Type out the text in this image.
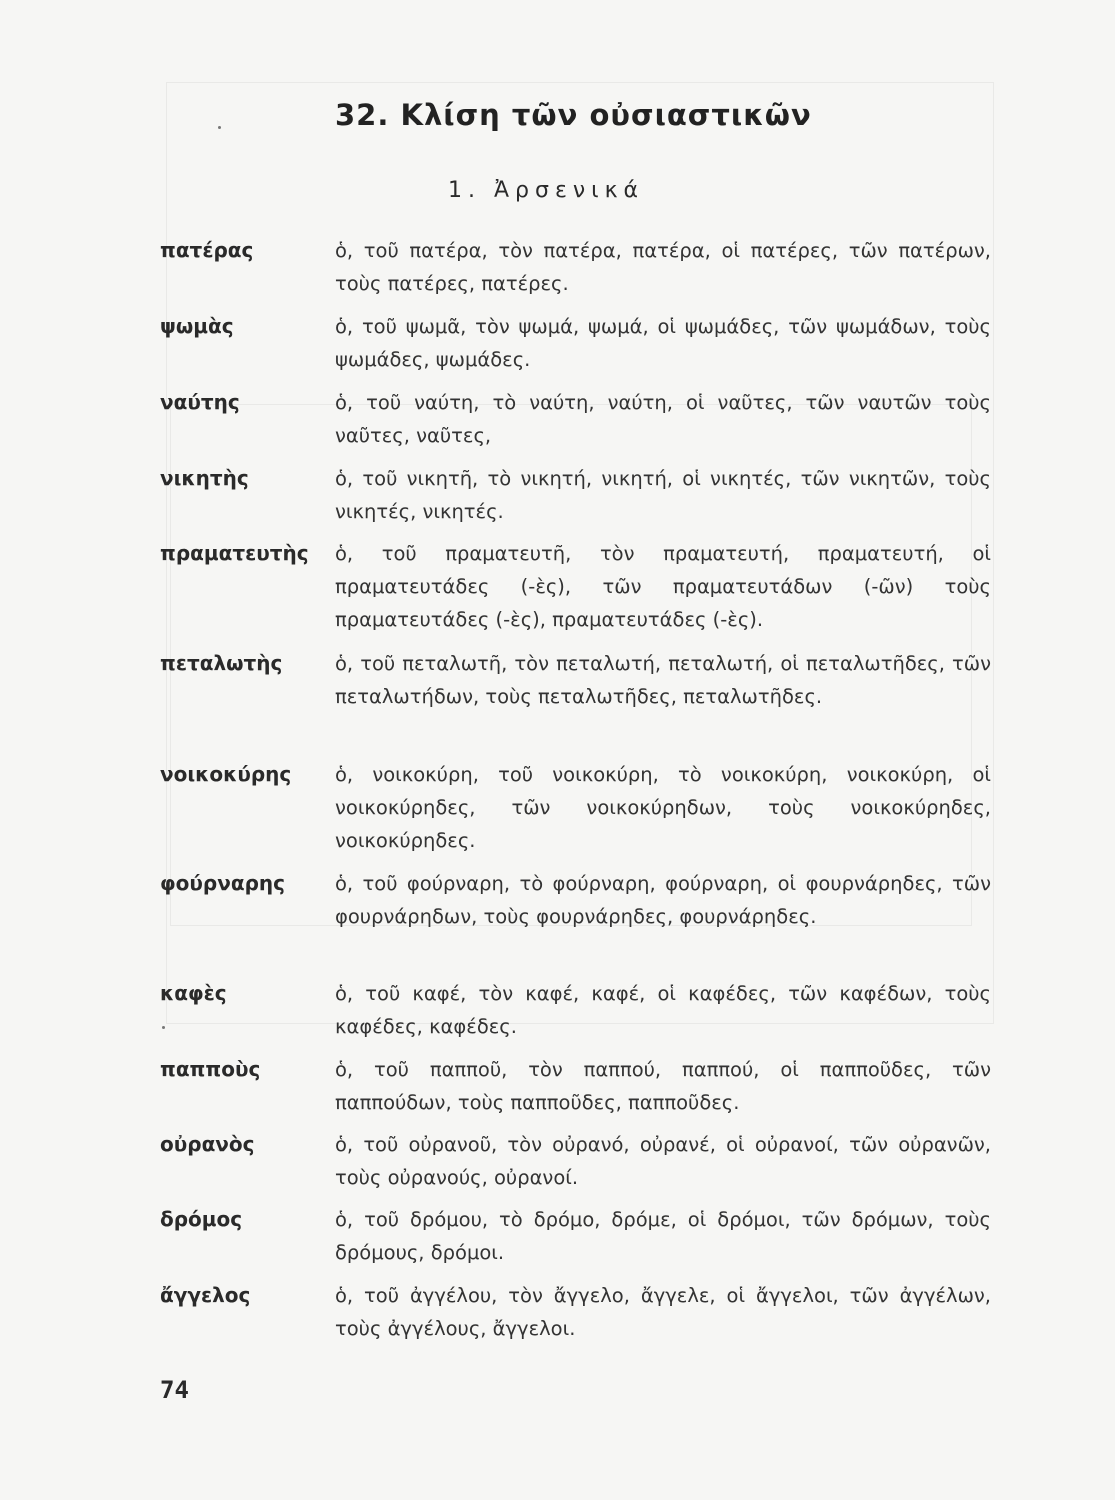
32. Κλίση τῶν οὐσιαστικῶν
1. Ἀρσενικά
πατέρας	ὁ, τοῦ πατέρα, τὸν πατέρα, πατέρα, οἱ πατέρες, τῶν πατέρων, τοὺς πατέρες, πατέρες.
ψωμὰς	ὁ, τοῦ ψωμᾶ, τὸν ψωμά, ψωμά, οἱ ψωμάδες, τῶν ψωμάδων, τοὺς ψωμάδες, ψωμάδες.
ναύτης	ὁ, τοῦ ναύτη, τὸ ναύτη, ναύτη, οἱ ναῦτες, τῶν ναυτῶν τοὺς ναῦτες, ναῦτες,
νικητὴς	ὁ, τοῦ νικητῆ, τὸ νικητή, νικητή, οἱ νικητές, τῶν νικητῶν, τοὺς νικητές, νικητές.
πραματευτὴς ὁ, τοῦ πραματευτῆ, τὸν πραματευτή, πραματευτή, οἱ πραματευτάδες (-ὲς), τῶν πραματευτάδων (-ῶν) τοὺς πραματευτάδες (-ὲς), πραματευτάδες (-ὲς).
πεταλωτὴς	ὁ, τοῦ πεταλωτῆ, τὸν πεταλωτή, πεταλωτή, οἱ πεταλωτῆδες, τῶν πεταλωτήδων, τοὺς πεταλωτῆδες, πεταλωτῆδες.
νοικοκύρης ὁ, νοικοκύρη, τοῦ νοικοκύρη, τὸ νοικοκύρη, νοικοκύρη, οἱ νοικοκύρηδες, τῶν νοικοκύρηδων, τοὺς νοικοκύρηδες, νοικοκύρηδες.
φούρναρης	ὁ, τοῦ φούρναρη, τὸ φούρναρη, φούρναρη, οἱ φουρνάρηδες, τῶν φουρνάρηδων, τοὺς φουρνάρηδες, φουρνάρηδες.
καφὲς	ὁ, τοῦ καφέ, τὸν καφέ, καφέ, οἱ καφέδες, τῶν καφέδων, τοὺς καφέδες, καφέδες.
παπποὺς	ὁ, τοῦ παπποῦ, τὸν παππού, παππού, οἱ παπποῦδες, τῶν παππούδων, τοὺς παπποῦδες, παπποῦδες.
οὐρανὸς	ὁ, τοῦ οὐρανοῦ, τὸν οὐρανό, οὐρανέ, οἱ οὐρανοί, τῶν οὐρανῶν, τοὺς οὐρανούς, οὐρανοί.
δρόμος	ὁ, τοῦ δρόμου, τὸ δρόμο, δρόμε, οἱ δρόμοι, τῶν δρόμων, τοὺς δρόμους, δρόμοι.
ἄγγελος	ὁ, τοῦ ἀγγέλου, τὸν ἄγγελο, ἄγγελε, οἱ ἄγγελοι, τῶν ἀγγέλων, τοὺς ἀγγέλους, ἄγγελοι.
74
